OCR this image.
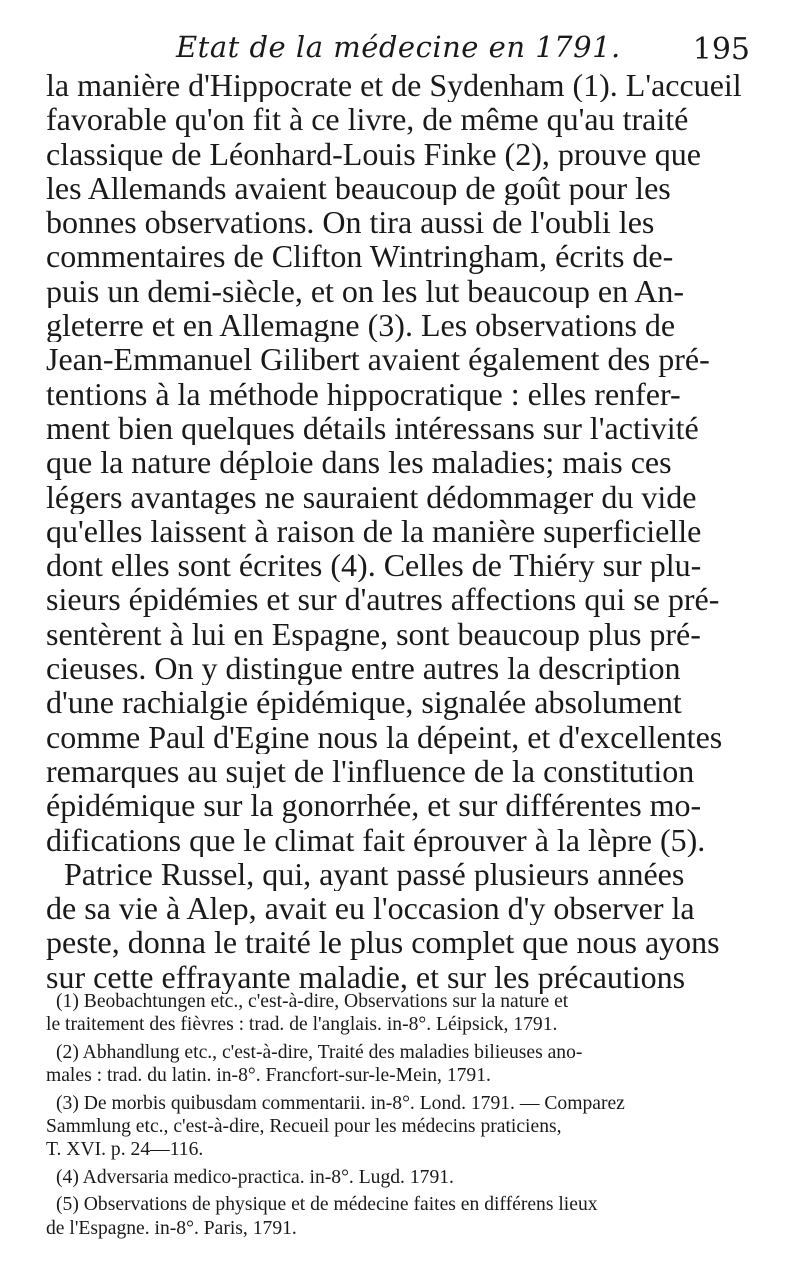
Etat de la médecine en 1791. 195
la manière d'Hippocrate et de Sydenham (1). L'accueil
favorable qu'on fit à ce livre, de même qu'au traité
classique de Léonhard-Louis Finke (2), prouve que
les Allemands avaient beaucoup de goût pour les
bonnes observations. On tira aussi de l'oubli les
commentaires de Clifton Wintringham, écrits de-
puis un demi-siècle, et on les lut beaucoup en An-
gleterre et en Allemagne (3). Les observations de
Jean-Emmanuel Gilibert avaient également des pré-
tentions à la méthode hippocratique : elles renfer-
ment bien quelques détails intéressans sur l'activité
que la nature déploie dans les maladies; mais ces
légers avantages ne sauraient dédommager du vide
qu'elles laissent à raison de la manière superficielle
dont elles sont écrites (4). Celles de Thiéry sur plu-
sieurs épidémies et sur d'autres affections qui se pré-
sentèrent à lui en Espagne, sont beaucoup plus pré-
cieuses. On y distingue entre autres la description
d'une rachialgie épidémique, signalée absolument
comme Paul d'Egine nous la dépeint, et d'excellentes
remarques au sujet de l'influence de la constitution
épidémique sur la gonorrhée, et sur différentes mo-
difications que le climat fait éprouver à la lèpre (5).
Patrice Russel, qui, ayant passé plusieurs années
de sa vie à Alep, avait eu l'occasion d'y observer la
peste, donna le traité le plus complet que nous ayons
sur cette effrayante maladie, et sur les précautions
(1) Beobachtungen etc., c'est-à-dire, Observations sur la nature et
le traitement des fièvres : trad. de l'anglais. in-8°. Léipsick, 1791.
(2) Abhandlung etc., c'est-à-dire, Traité des maladies bilieuses ano-
males : trad. du latin. in-8°. Francfort-sur-le-Mein, 1791.
(3) De morbis quibusdam commentarii. in-8°. Lond. 1791. — Comparez
Sammlung etc., c'est-à-dire, Recueil pour les médecins praticiens,
T. XVI. p. 24—116.
(4) Adversaria medico-practica. in-8°. Lugd. 1791.
(5) Observations de physique et de médecine faites en différens lieux
de l'Espagne. in-8°. Paris, 1791.
